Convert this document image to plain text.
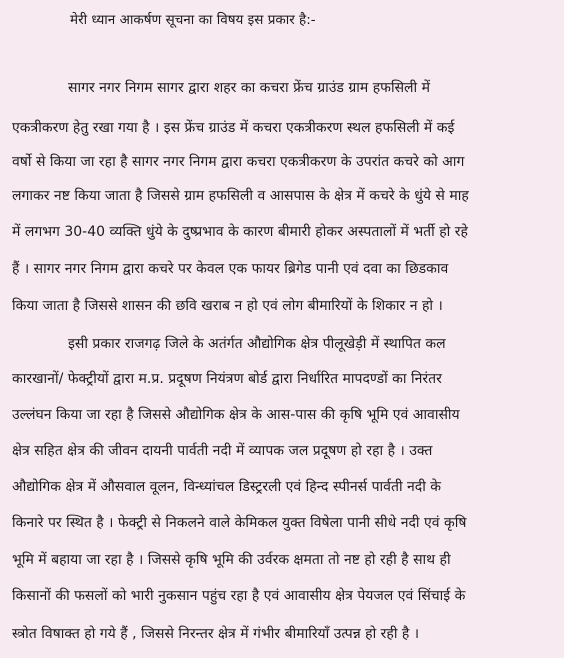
मेरी ध्यान आकर्षण सूचना का विषय इस प्रकार है:-
सागर नगर निगम सागर द्वारा शहर का कचरा फ्रेंच ग्राउंड ग्राम हफसिली में
एकत्रीकरण हेतु रखा गया है । इस फ्रेंच ग्राउंड में कचरा एकत्रीकरण स्थल हफसिली में कई
वर्षो से किया जा रहा है सागर नगर निगम द्वारा कचरा एकत्रीकरण के उपरांत कचरे को आग
लगाकर नष्ट किया जाता है जिससे ग्राम हफसिली व आसपास के क्षेत्र में कचरे के धुंये से माह
में लगभग 30-40 व्यक्ति धुंये के दुष्प्रभाव के कारण बीमारी होकर अस्पतालों में भर्ती हो रहे
हैं । सागर नगर निगम द्वारा कचरे पर केवल एक फायर ब्रिगेड पानी एवं दवा का छिडकाव
किया जाता है जिससे शासन की छवि खराब न हो एवं लोग बीमारियों के शिकार न हो ।
इसी प्रकार राजगढ़ जिले के अतंर्गत औद्योगिक क्षेत्र पीलूखेड़ी में स्थापित कल
कारखानों/ फेक्ट्रीयों द्वारा म.प्र. प्रदूषण नियंत्रण बोर्ड द्वारा निर्धारित मापदण्डों का निरंतर
उल्लंघन किया जा रहा है जिससे औद्योगिक क्षेत्र के आस-पास की कृषि भूमि एवं आवासीय
क्षेत्र सहित क्षेत्र की जीवन दायनी पार्वती नदी में व्यापक जल प्रदूषण हो रहा है । उक्त
औद्योगिक क्षेत्र में औसवाल वूलन, विन्ध्यांचल डिस्ट्ररली एवं हिन्द स्पीनर्स पार्वती नदी के
किनारे पर स्थित है । फेक्ट्री से निकलने वाले केमिकल युक्त विषेला पानी सीधे नदी एवं कृषि
भूमि में बहाया जा रहा है । जिससे कृषि भूमि की उर्वरक क्षमता तो नष्ट हो रही है साथ ही
किसानों की फसलों को भारी नुकसान पहुंच रहा है एवं आवासीय क्षेत्र पेयजल एवं सिंचाई के
स्त्रोत विषाक्त हो गये हैं , जिससे निरन्तर क्षेत्र में गंभीर बीमारियॉं उत्पन्न हो रही है ।
